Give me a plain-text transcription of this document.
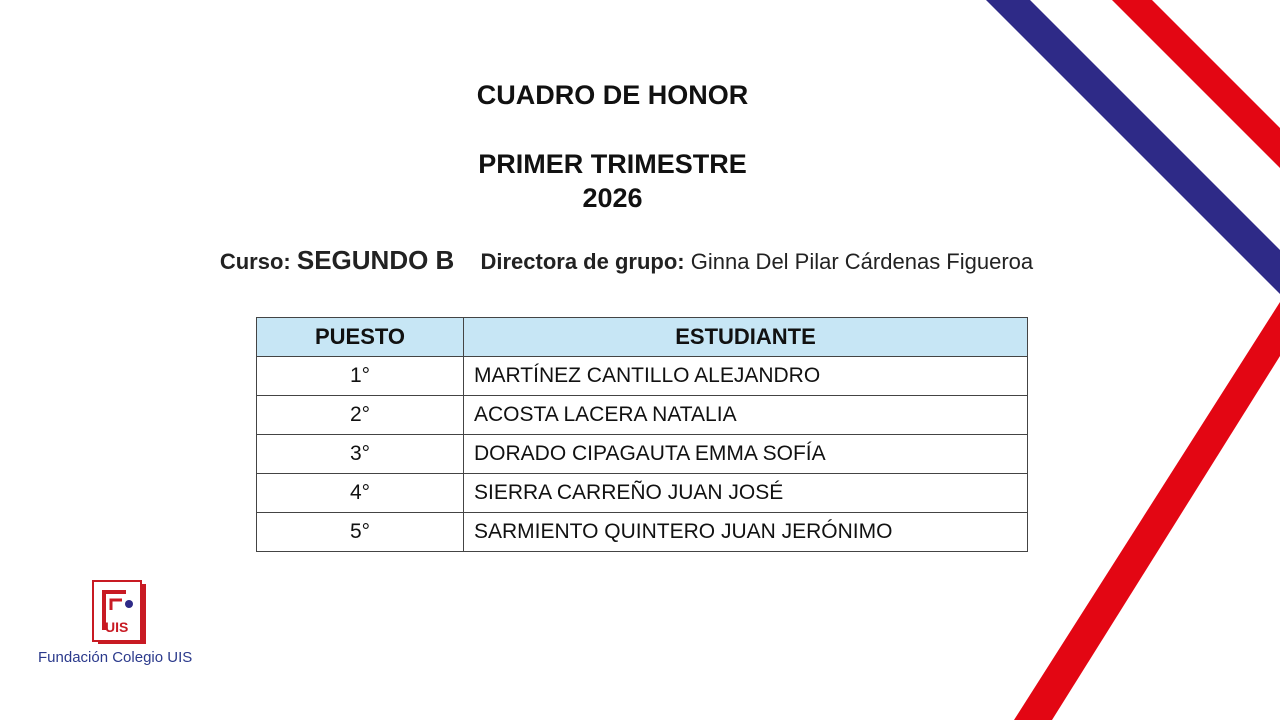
CUADRO DE HONOR
PRIMER TRIMESTRE
2026
Curso: SEGUNDO B Directora de grupo: Ginna Del Pilar Cárdenas Figueroa
PUESTO	ESTUDIANTE
1°	MARTÍNEZ CANTILLO ALEJANDRO
2°	ACOSTA LACERA NATALIA
3°	DORADO CIPAGAUTA EMMA SOFÍA
4°	SIERRA CARREÑO JUAN JOSÉ
5°	SARMIENTO QUINTERO JUAN JERÓNIMO
UIS
Fundación Colegio UIS
